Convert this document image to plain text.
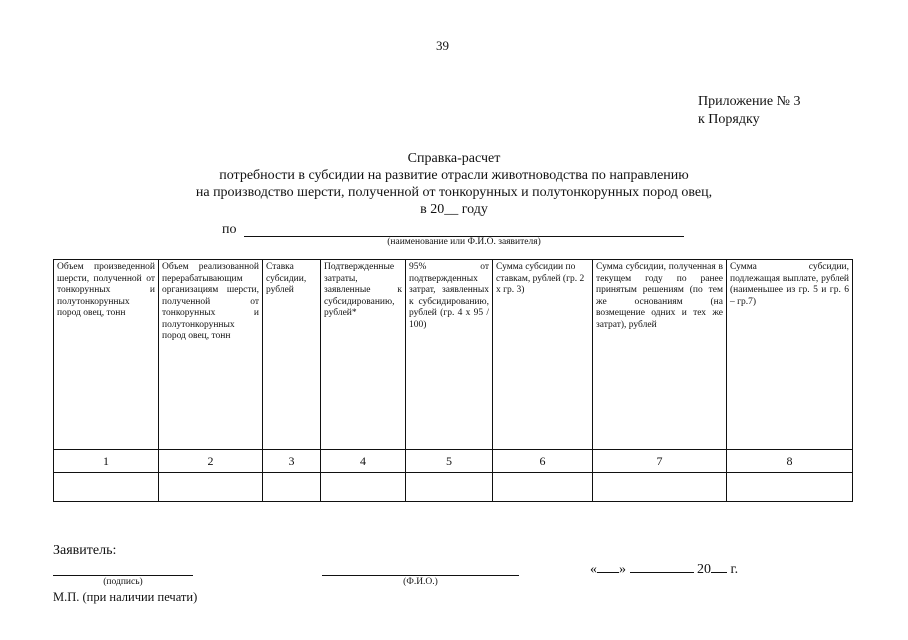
39
Приложение № 3
к Порядку
Справка-расчет
потребности в субсидии на развитие отрасли животноводства по направлению
на производство шерсти, полученной от тонкорунных и полутонкорунных пород овец,
в 20__ году
по
(наименование или Ф.И.О. заявителя)
Объем произведенной шерсти, полученной от тонкорунных и полутонкорунных пород овец, тонн	Объем реализованной перерабатывающим организациям шерсти, полученной от тонкорунных и полутонкорунных пород овец, тонн	Ставка субсидии, рублей	Подтвержденные затраты, заявленные к субсидированию, рублей*	95% от подтвержденных затрат, заявленных к субсидированию, рублей (гр. 4 x 95 / 100)	Сумма субсидии по ставкам, рублей (гр. 2 x гр. 3)	Сумма субсидии, полученная в текущем году по ранее принятым решениям (по тем же основаниям (на возмещение одних и тех же затрат), рублей	Сумма субсидии, подлежащая выплате, рублей (наименьшее из гр. 5 и гр. 6 – гр.7)
1	2	3	4	5	6	7	8

Заявитель:
(подпись)	(Ф.И.О.)
« »	20 г.
М.П. (при наличии печати)
